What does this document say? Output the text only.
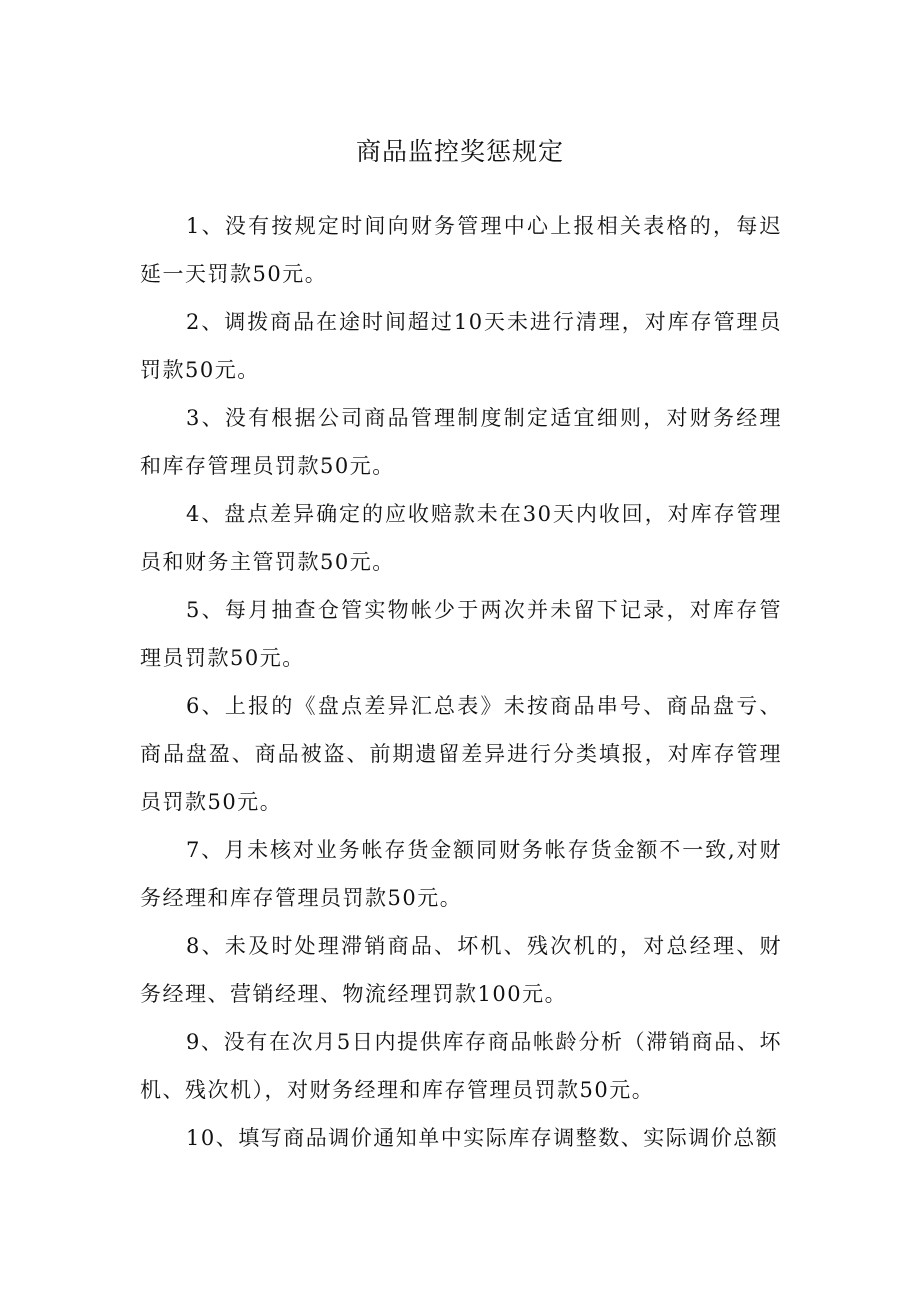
商品监控奖惩规定

1、没有按规定时间向财务管理中心上报相关表格的，每迟延一天罚款50元。

2、调拨商品在途时间超过10天未进行清理，对库存管理员罚款50元。

3、没有根据公司商品管理制度制定适宜细则，对财务经理和库存管理员罚款50元。

4、盘点差异确定的应收赔款未在30天内收回，对库存管理员和财务主管罚款50元。

5、每月抽查仓管实物帐少于两次并未留下记录，对库存管理员罚款50元。

6、上报的《盘点差异汇总表》未按商品串号、商品盘亏、商品盘盈、商品被盗、前期遗留差异进行分类填报，对库存管理员罚款50元。

7、月未核对业务帐存货金额同财务帐存货金额不一致,对财务经理和库存管理员罚款50元。

8、未及时处理滞销商品、坏机、残次机的，对总经理、财务经理、营销经理、物流经理罚款100元。

9、没有在次月5日内提供库存商品帐龄分析（滞销商品、坏机、残次机），对财务经理和库存管理员罚款50元。

10、填写商品调价通知单中实际库存调整数、实际调价总额
